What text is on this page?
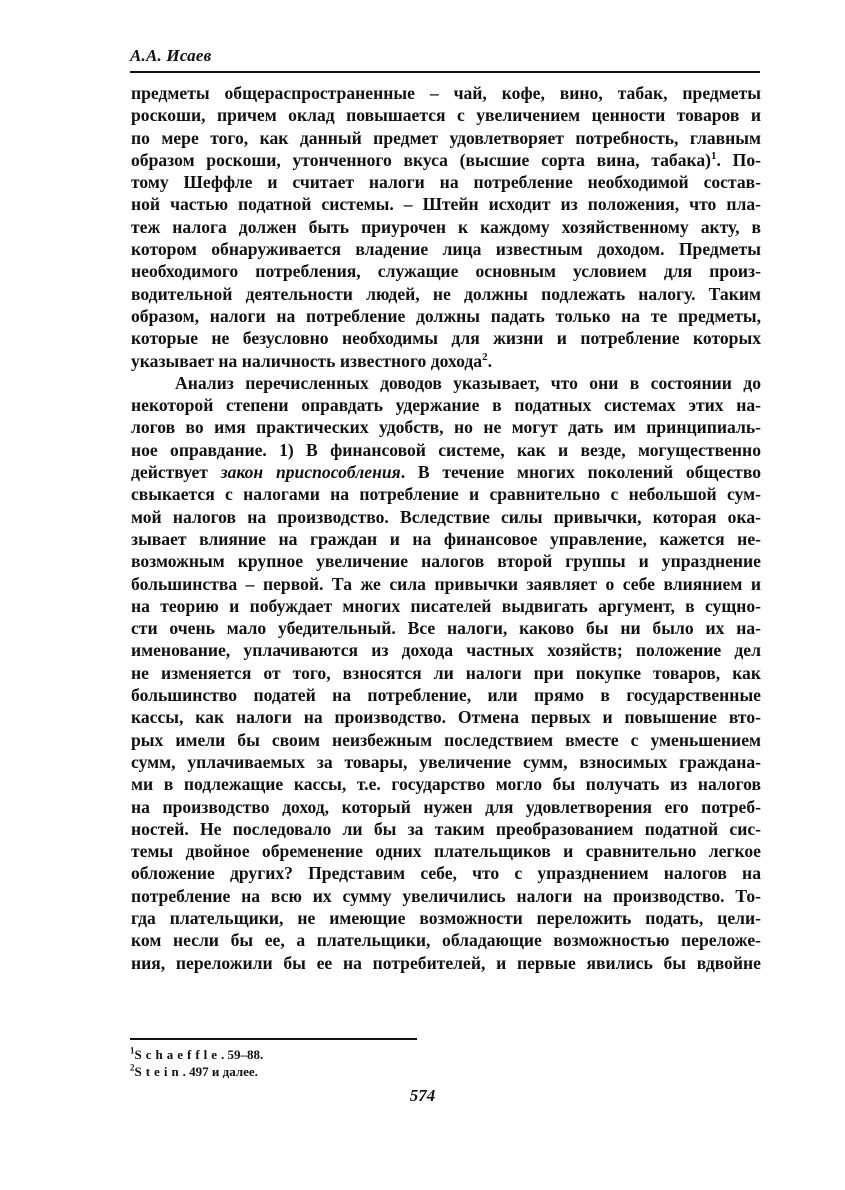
А.А. Исаев
предметы общераспространенные – чай, кофе, вино, табак, предметы
роскоши, причем оклад повышается с увеличением ценности товаров и
по мере того, как данный предмет удовлетворяет потребность, главным
образом роскоши, утонченного вкуса (высшие сорта вина, табака)$^1$. По-
тому Шеффле и считает налоги на потребление необходимой состав-
ной частью податной системы. – Штейн исходит из положения, что пла-
теж налога должен быть приурочен к каждому хозяйственному акту, в
котором обнаруживается владение лица известным доходом. Предметы
необходимого потребления, служащие основным условием для произ-
водительной деятельности людей, не должны подлежать налогу. Таким
образом, налоги на потребление должны падать только на те предметы,
которые не безусловно необходимы для жизни и потребление которых
указывает на наличность известного дохода$^2$.
Анализ перечисленных доводов указывает, что они в состоянии до
некоторой степени оправдать удержание в податных системах этих на-
логов во имя практических удобств, но не могут дать им принципиаль-
ное оправдание. 1) В финансовой системе, как и везде, могущественно
действует закон приспособления. В течение многих поколений общество
свыкается с налогами на потребление и сравнительно с небольшой сум-
мой налогов на производство. Вследствие силы привычки, которая ока-
зывает влияние на граждан и на финансовое управление, кажется не-
возможным крупное увеличение налогов второй группы и упразднение
большинства – первой. Та же сила привычки заявляет о себе влиянием и
на теорию и побуждает многих писателей выдвигать аргумент, в сущно-
сти очень мало убедительный. Все налоги, каково бы ни было их на-
именование, уплачиваются из дохода частных хозяйств; положение дел
не изменяется от того, взносятся ли налоги при покупке товаров, как
большинство податей на потребление, или прямо в государственные
кассы, как налоги на производство. Отмена первых и повышение вто-
рых имели бы своим неизбежным последствием вместе с уменьшением
сумм, уплачиваемых за товары, увеличение сумм, взносимых гражданa-
ми в подлежащие кассы, т.е. государство могло бы получать из налогов
на производство доход, который нужен для удовлетворения его потреб-
ностей. Не последовало ли бы за таким преобразованием податной сис-
темы двойное обременение одних плательщиков и сравнительно легкое
обложение других? Представим себе, что с упразднением налогов на
потребление на всю их сумму увеличились налоги на производство. То-
гда плательщики, не имеющие возможности переложить подать, цели-
ком несли бы ее, а плательщики, обладающие возможностью переложе-
ния, переложили бы ее на потребителей, и первые явились бы вдвойне
$^1$Schaeffle. 59–88.
$^2$Stein. 497 и далее.
574
